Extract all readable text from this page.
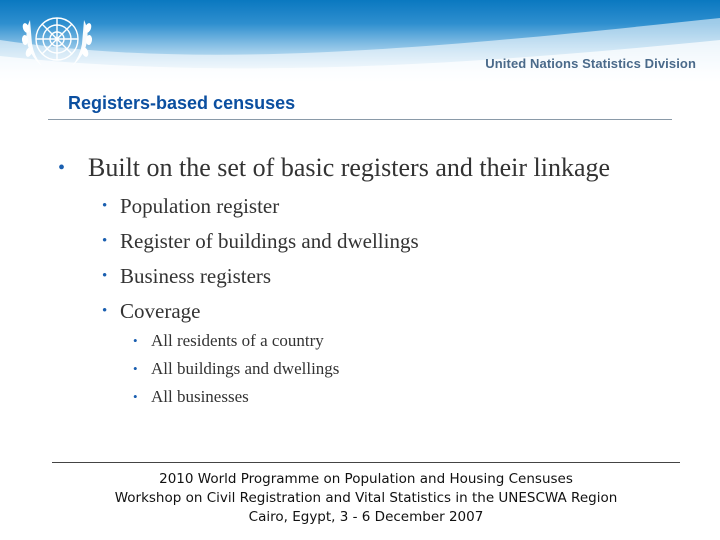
United Nations Statistics Division
Registers-based censuses
• Built on the set of basic registers and their linkage
• Population register
• Register of buildings and dwellings
• Business registers
• Coverage
• All residents of a country
• All buildings and dwellings
• All businesses
2010 World Programme on Population and Housing Censuses
Workshop on Civil Registration and Vital Statistics in the UNESCWA Region
Cairo, Egypt, 3 - 6 December 2007
